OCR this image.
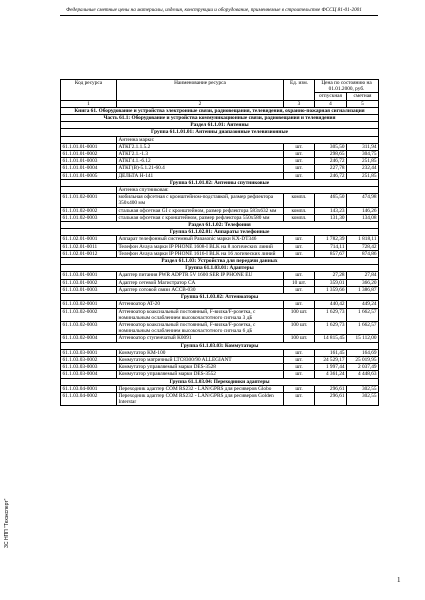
Федеральные сметные цены на материалы, изделия, конструкции и оборудование, применяемые в строительстве ФССЦ 81-01-2001
Код ресурса	Наименование ресурса	Ед. изм.	Цена по состоянию на 01.01.2000, руб.	
			отпускная	сметная
1	2	3	4	5
Книга 61. Оборудование и устройства электронные связи, радиовещания, телевидения, охранно-пожарная сигнализация				
Часть 61.1: Оборудование и устройства коммуникационные связи, радиовещания и телевидения				
Раздел 61.1.01: Антенны				
Группа 61.1.01.01: Антенны диапазонные телевизионные				
	Антенна марки:			
61.1.01.01-0001	АТКГ2.1.1.5.2	шт.	305,50	311,94
61.1.01.01-0002	АТКГ2.1.-1.3	шт.	298,65	304,75
61.1.01.01-0003	АТКГ4.1.-6.12	шт.	246,72	251,85
61.1.01.01-0004	АТКГ(В)-5.1.21-60.4	шт.	227,78	232,44
61.1.01.01-0005	ДЕЛЬТА Н-141	шт.	246,72	251,85
Группа 61.1.01.02: Антенны спутниковые				
	Антенна спутниковая:			
61.1.01.02-0001	мобильная офсетная с кронштейном-подставкой, размер рефлектора 350х400 мм	компл.	465,50	474,98
61.1.01.02-0002	стальная офсетная GI с кронштейном, размер рефлектора 583х632 мм	компл.	143,23	146,26
61.1.01.02-0003	стальная офсетная с кронштейном, размер рефлектора 550х580 мм	компл.	131,30	134,08
Раздел 61.1.02: Телефония				
Группа 61.1.02.01: Аппараты телефонные				
61.1.02.01-0001	Аппарат телефонный системный Panasonic марки KX-DT346	шт.	1 782,39	1 818,11
61.1.02.01-0011	Телефон Avaya марки IP PHONE 1608-I BLK на 8 логических линий	шт.	714,11	728,42
61.1.02.01-0012	Телефон Avaya марки IP PHONE 1616-I BLK на 16 логических линий	шт.	857,67	874,86
Раздел 61.1.03: Устройства для передачи данных				
Группа 61.1.03.01: Адаптеры				
61.1.03.01-0001	Адаптер питания PWR ADPTR 5V 1600 SER IP PHONE EU	шт.	27,28	27,84
61.1.03.01-0002	Адаптер сетевой Магистратор CA	10 шт.	359,01	366,20
61.1.03.01-0003	Адаптер сотовой связи ACCB-030	шт.	1 359,66	1 386,87
Группа 61.1.03.02: Аттенюаторы				
61.1.03.02-0001	Аттенюатор AT-20	шт.	440,42	449,24
61.1.03.02-0002	Аттенюатор коаксиальный постоянный, F-вилка/F-розетка, с номинальным ослаблением высокочастотного сигнала 3 дБ	100 шт.	1 629,73	1 662,57
61.1.03.02-0003	Аттенюатор коаксиальный постоянный, F-вилка/F-розетка, с номинальным ослаблением высокочастотного сигнала 6 дБ	100 шт.	1 629,73	1 662,57
61.1.03.02-0004	Аттенюатор ступенчатый K0091	100 шт.	14 815,45	15 112,00
Группа 61.1.03.03: Коммутаторы				
61.1.03.03-0001	Коммутатор KM-100	шт.	161,45	164,69
61.1.03.03-0002	Коммутатор матричный LTC8300/90 ALLEGIANT	шт.	24 529,17	25 019,95
61.1.03.03-0003	Коммутатор управляемый марки DES-3528	шт.	1 997,44	2 037,49
61.1.03.03-0004	Коммутатор управляемый марки DES-3552	шт.	4 361,24	4 448,63
Группа 61.1.03.04: Переходники адаптеры				
61.1.03.04-0001	Переходник адаптер COM RS232 - LAN/GPRS для ресиверов Globo	шт.	296,61	302,55
61.1.03.04-0002	Переходник адаптер COM RS232 - LAN/GPRS для ресиверов Golden Interstar	шт.	296,61	302,55
ЗС НПП "Техэксперт"
1
